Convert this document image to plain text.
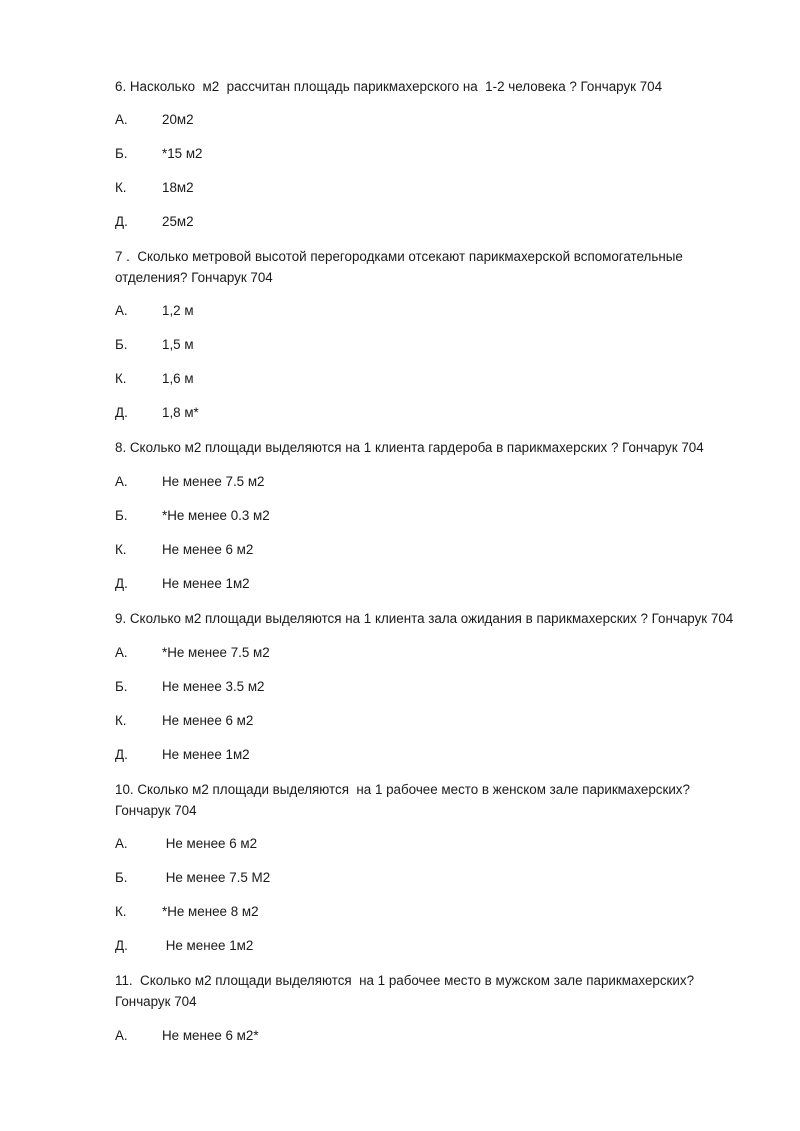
6. Насколько  м2  рассчитан площадь парикмахерского на  1-2 человека ? Гончарук 704
А.	20м2
Б.	*15 м2
К.	18м2
Д.	25м2
7 .  Сколько метровой высотой перегородками отсекают парикмахерской вспомогательные отделения? Гончарук 704
А.	1,2 м
Б.	1,5 м
К.	1,6 м
Д.	1,8 м*
8. Сколько м2 площади выделяются на 1 клиента гардероба в парикмахерских ? Гончарук 704
А.	Не менее 7.5 м2
Б.	*Не менее 0.3 м2
К.	Не менее 6 м2
Д.	Не менее 1м2
9. Сколько м2 площади выделяются на 1 клиента зала ожидания в парикмахерских ? Гончарук 704
А.	*Не менее 7.5 м2
Б.	Не менее 3.5 м2
К.	Не менее 6 м2
Д.	Не менее 1м2
10. Сколько м2 площади выделяются  на 1 рабочее место в женском зале парикмахерских? Гончарук 704
А.	Не менее 6 м2
Б.	Не менее 7.5 М2
К.	*Не менее 8 м2
Д.	Не менее 1м2
11.  Сколько м2 площади выделяются  на 1 рабочее место в мужском зале парикмахерских? Гончарук 704
А.	Не менее 6 м2*
